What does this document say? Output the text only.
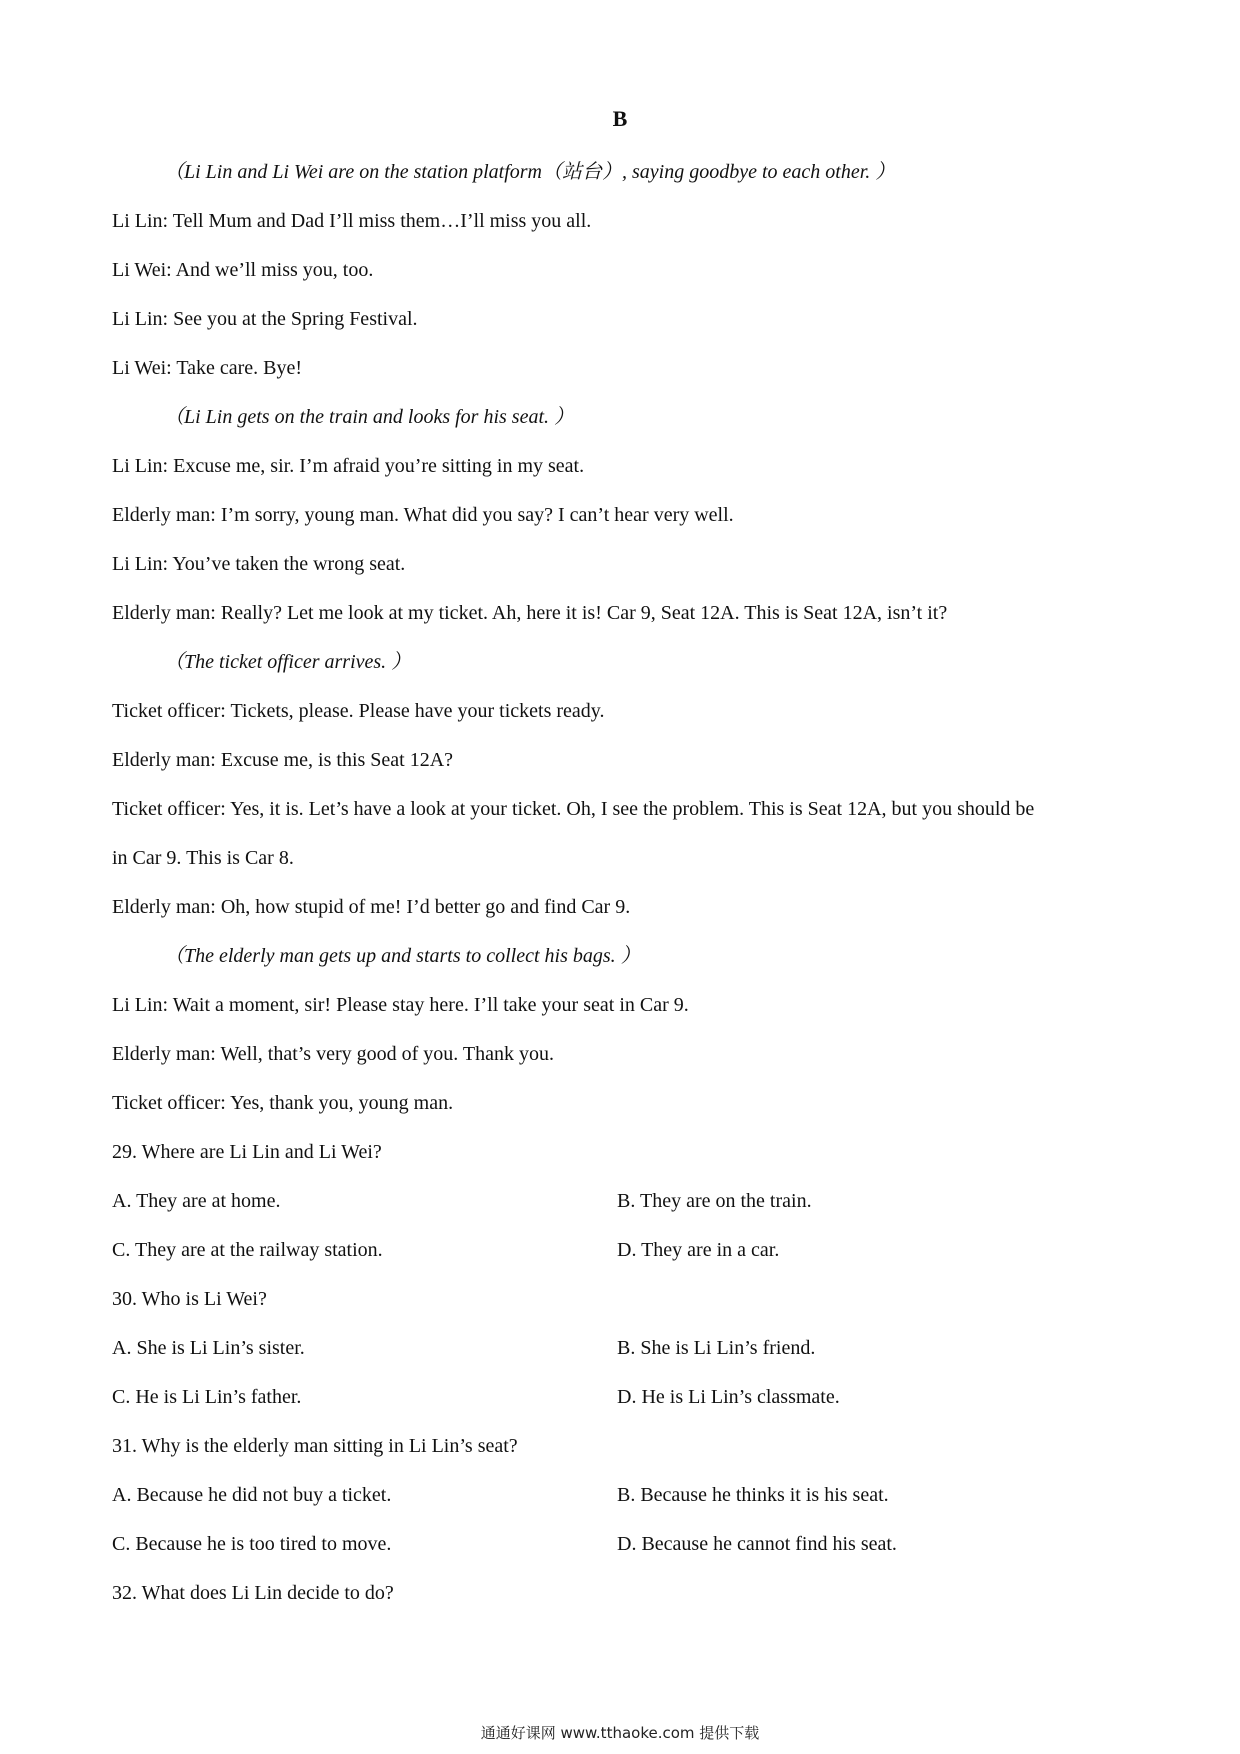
B
（Li Lin and Li Wei are on the station platform（站台）, saying goodbye to each other. ）
Li Lin: Tell Mum and Dad I’ll miss them…I’ll miss you all.
Li Wei: And we’ll miss you, too.
Li Lin: See you at the Spring Festival.
Li Wei: Take care. Bye!
（Li Lin gets on the train and looks for his seat. ）
Li Lin: Excuse me, sir. I’m afraid you’re sitting in my seat.
Elderly man: I’m sorry, young man. What did you say? I can’t hear very well.
Li Lin: You’ve taken the wrong seat.
Elderly man: Really? Let me look at my ticket. Ah, here it is! Car 9, Seat 12A. This is Seat 12A, isn’t it?
（The ticket officer arrives. ）
Ticket officer: Tickets, please. Please have your tickets ready.
Elderly man: Excuse me, is this Seat 12A?
Ticket officer: Yes, it is. Let’s have a look at your ticket. Oh, I see the problem. This is Seat 12A, but you should be
in Car 9. This is Car 8.
Elderly man: Oh, how stupid of me! I’d better go and find Car 9.
（The elderly man gets up and starts to collect his bags. ）
Li Lin: Wait a moment, sir! Please stay here. I’ll take your seat in Car 9.
Elderly man: Well, that’s very good of you. Thank you.
Ticket officer: Yes, thank you, young man.
29. Where are Li Lin and Li Wei?
A. They are at home.	B. They are on the train.
C. They are at the railway station.	D. They are in a car.
30. Who is Li Wei?
A. She is Li Lin’s sister.	B. She is Li Lin’s friend.
C. He is Li Lin’s father.	D. He is Li Lin’s classmate.
31. Why is the elderly man sitting in Li Lin’s seat?
A. Because he did not buy a ticket.	B. Because he thinks it is his seat.
C. Because he is too tired to move.	D. Because he cannot find his seat.
32. What does Li Lin decide to do?
通通好课网 www.tthaoke.com 提供下载
